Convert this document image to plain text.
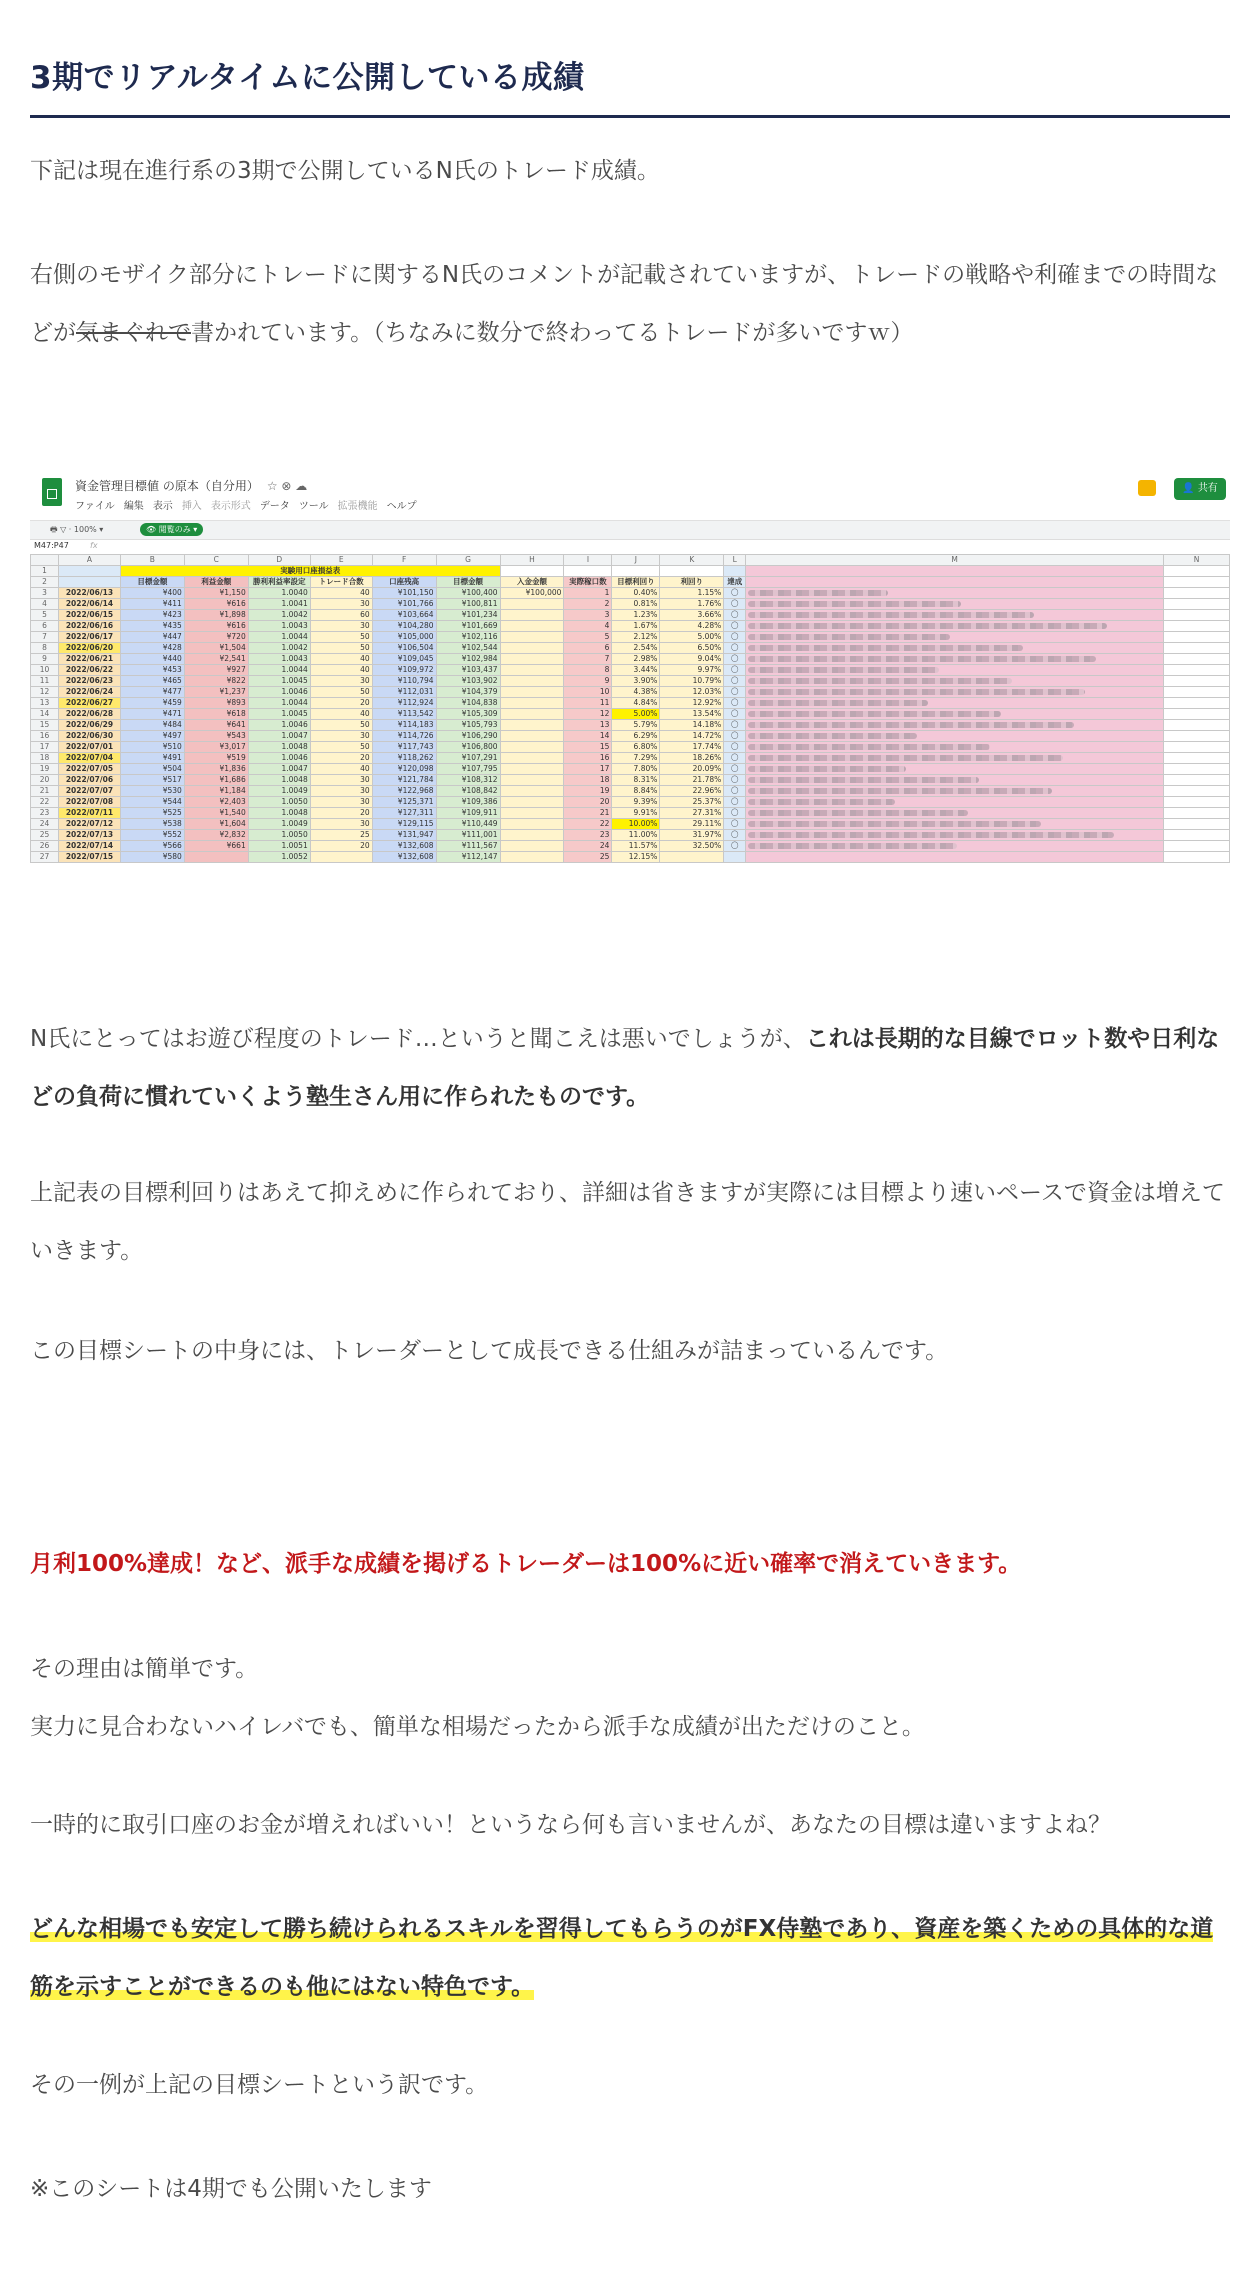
3期でリアルタイムに公開している成績

下記は現在進行系の3期で公開しているN氏のトレード成績。

右側のモザイク部分にトレードに関するN氏のコメントが記載されていますが、トレードの戦略や利確までの時間などが気まぐれで書かれています。（ちなみに数分で終わってるトレードが多いですｗ）

資金管理目標値 の原本（自分用） ☆ ⊗ ☁
ファイル 編集 表示 挿入 表示形式 データ ツール 拡張機能 ヘルプ
👤 共有
🖶 ▽ · 100% ▾	👁 閲覧のみ ▾
M47:P47	fx
	A	B	C	D	E	F	G	H	I	J	K	L	M	N
1		実験用口座損益表												
2		目標金額	利益金額	勝利利益率設定	トレード合数	口座残高	目標金額	入金金額	実際稼口数	目標利回り	利回り	達成		
3	2022/06/13	¥400	¥1,150	1.0040	40	¥101,150	¥100,400	¥100,000	1	0.40%	1.15%	〇		
4	2022/06/14	¥411	¥616	1.0041	30	¥101,766	¥100,811		2	0.81%	1.76%	〇		
5	2022/06/15	¥423	¥1,898	1.0042	60	¥103,664	¥101,234		3	1.23%	3.66%	〇		
6	2022/06/16	¥435	¥616	1.0043	30	¥104,280	¥101,669		4	1.67%	4.28%	〇		
7	2022/06/17	¥447	¥720	1.0044	50	¥105,000	¥102,116		5	2.12%	5.00%	〇		
8	2022/06/20	¥428	¥1,504	1.0042	50	¥106,504	¥102,544		6	2.54%	6.50%	〇		
9	2022/06/21	¥440	¥2,541	1.0043	40	¥109,045	¥102,984		7	2.98%	9.04%	〇		
10	2022/06/22	¥453	¥927	1.0044	40	¥109,972	¥103,437		8	3.44%	9.97%	〇		
11	2022/06/23	¥465	¥822	1.0045	30	¥110,794	¥103,902		9	3.90%	10.79%	〇		
12	2022/06/24	¥477	¥1,237	1.0046	50	¥112,031	¥104,379		10	4.38%	12.03%	〇		
13	2022/06/27	¥459	¥893	1.0044	20	¥112,924	¥104,838		11	4.84%	12.92%	〇		
14	2022/06/28	¥471	¥618	1.0045	40	¥113,542	¥105,309		12	5.00%	13.54%	〇		
15	2022/06/29	¥484	¥641	1.0046	50	¥114,183	¥105,793		13	5.79%	14.18%	〇		
16	2022/06/30	¥497	¥543	1.0047	30	¥114,726	¥106,290		14	6.29%	14.72%	〇		
17	2022/07/01	¥510	¥3,017	1.0048	50	¥117,743	¥106,800		15	6.80%	17.74%	〇		
18	2022/07/04	¥491	¥519	1.0046	20	¥118,262	¥107,291		16	7.29%	18.26%	〇		
19	2022/07/05	¥504	¥1,836	1.0047	40	¥120,098	¥107,795		17	7.80%	20.09%	〇		
20	2022/07/06	¥517	¥1,686	1.0048	30	¥121,784	¥108,312		18	8.31%	21.78%	〇		
21	2022/07/07	¥530	¥1,184	1.0049	30	¥122,968	¥108,842		19	8.84%	22.96%	〇		
22	2022/07/08	¥544	¥2,403	1.0050	30	¥125,371	¥109,386		20	9.39%	25.37%	〇		
23	2022/07/11	¥525	¥1,540	1.0048	20	¥127,311	¥109,911		21	9.91%	27.31%	〇		
24	2022/07/12	¥538	¥1,604	1.0049	30	¥129,115	¥110,449		22	10.00%	29.11%	〇		
25	2022/07/13	¥552	¥2,832	1.0050	25	¥131,947	¥111,001		23	11.00%	31.97%	〇		
26	2022/07/14	¥566	¥661	1.0051	20	¥132,608	¥111,567		24	11.57%	32.50%	〇		
27	2022/07/15	¥580		1.0052		¥132,608	¥112,147		25	12.15%				

N氏にとってはお遊び程度のトレード…というと聞こえは悪いでしょうが、これは長期的な目線でロット数や日利などの負荷に慣れていくよう塾生さん用に作られたものです。

上記表の目標利回りはあえて抑えめに作られており、詳細は省きますが実際には目標より速いペースで資金は増えていきます。

この目標シートの中身には、トレーダーとして成長できる仕組みが詰まっているんです。

月利100%達成！など、派手な成績を掲げるトレーダーは100%に近い確率で消えていきます。

その理由は簡単です。
実力に見合わないハイレバでも、簡単な相場だったから派手な成績が出ただけのこと。

一時的に取引口座のお金が増えればいい！というなら何も言いませんが、あなたの目標は違いますよね？

どんな相場でも安定して勝ち続けられるスキルを習得してもらうのがFX侍塾であり、資産を築くための具体的な道筋を示すことができるのも他にはない特色です。

その一例が上記の目標シートという訳です。

※このシートは4期でも公開いたします
